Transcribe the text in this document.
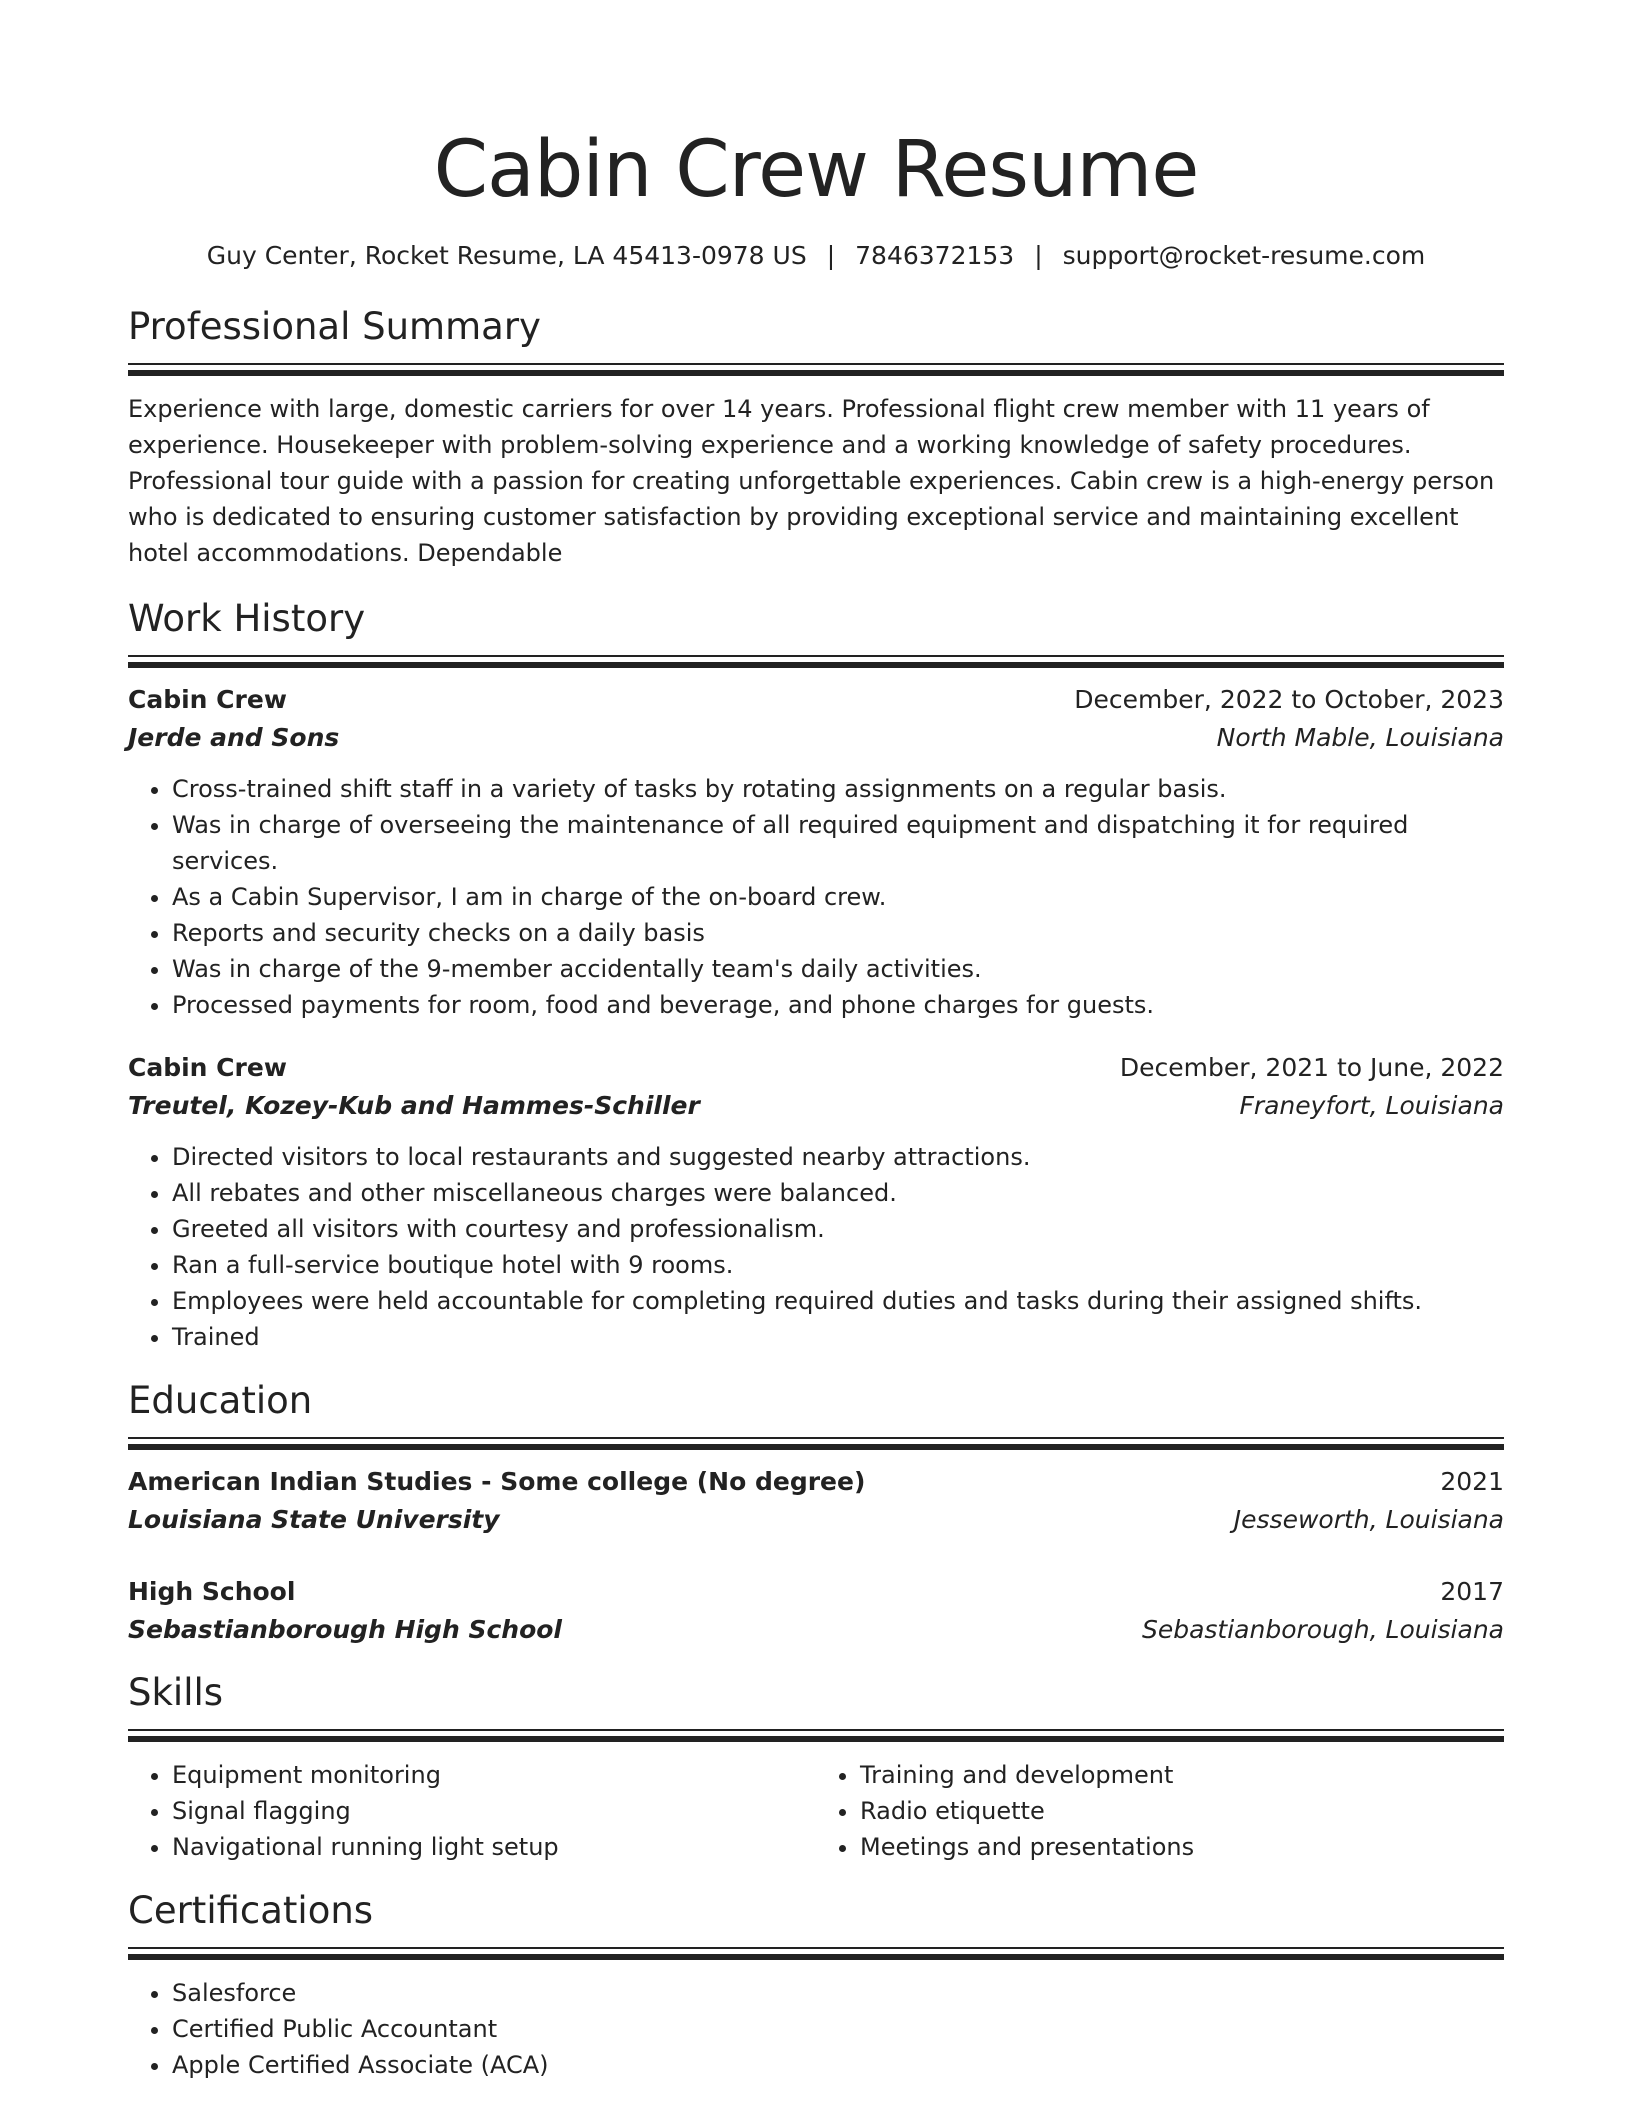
Cabin Crew Resume
Guy Center, Rocket Resume, LA 45413-0978 US | 7846372153 | support@rocket-resume.com
Professional Summary
Experience with large, domestic carriers for over 14 years. Professional flight crew member with 11 years of experience. Housekeeper with problem-solving experience and a working knowledge of safety procedures. Professional tour guide with a passion for creating unforgettable experiences. Cabin crew is a high-energy person who is dedicated to ensuring customer satisfaction by providing exceptional service and maintaining excellent hotel accommodations. Dependable
Work History
Cabin Crew	December, 2022 to October, 2023
Jerde and Sons	North Mable, Louisiana
• Cross-trained shift staff in a variety of tasks by rotating assignments on a regular basis.
• Was in charge of overseeing the maintenance of all required equipment and dispatching it for required services.
• As a Cabin Supervisor, I am in charge of the on-board crew.
• Reports and security checks on a daily basis
• Was in charge of the 9-member accidentally team's daily activities.
• Processed payments for room, food and beverage, and phone charges for guests.
Cabin Crew	December, 2021 to June, 2022
Treutel, Kozey-Kub and Hammes-Schiller	Franeyfort, Louisiana
• Directed visitors to local restaurants and suggested nearby attractions.
• All rebates and other miscellaneous charges were balanced.
• Greeted all visitors with courtesy and professionalism.
• Ran a full-service boutique hotel with 9 rooms.
• Employees were held accountable for completing required duties and tasks during their assigned shifts.
• Trained
Education
American Indian Studies - Some college (No degree)	2021
Louisiana State University	Jesseworth, Louisiana
High School	2017
Sebastianborough High School	Sebastianborough, Louisiana
Skills
• Equipment monitoring
• Signal flagging
• Navigational running light setup
• Training and development
• Radio etiquette
• Meetings and presentations
Certifications
• Salesforce
• Certified Public Accountant
• Apple Certified Associate (ACA)
